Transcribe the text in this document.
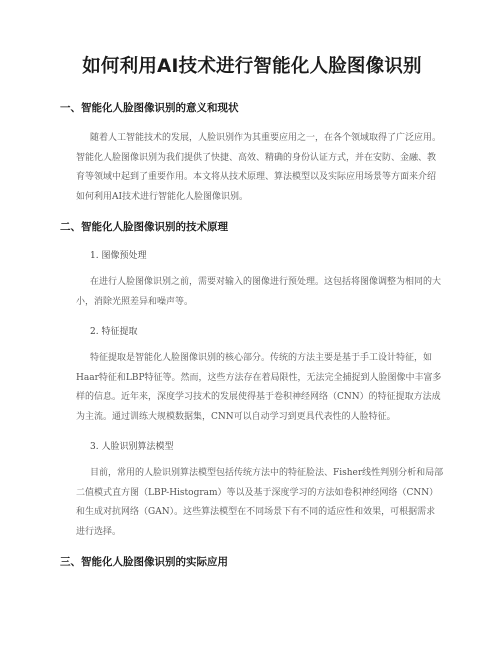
如何利用AI技术进行智能化人脸图像识别
一、智能化人脸图像识别的意义和现状

随着人工智能技术的发展，人脸识别作为其重要应用之一，在各个领域取得了广泛应用。智能化人脸图像识别为我们提供了快捷、高效、精确的身份认证方式，并在安防、金融、教育等领域中起到了重要作用。本文将从技术原理、算法模型以及实际应用场景等方面来介绍如何利用AI技术进行智能化人脸图像识别。

二、智能化人脸图像识别的技术原理
1. 图像预处理

在进行人脸图像识别之前，需要对输入的图像进行预处理。这包括将图像调整为相同的大小，消除光照差异和噪声等。

2. 特征提取

特征提取是智能化人脸图像识别的核心部分。传统的方法主要是基于手工设计特征，如Haar特征和LBP特征等。然而，这些方法存在着局限性，无法完全捕捉到人脸图像中丰富多样的信息。近年来，深度学习技术的发展使得基于卷积神经网络（CNN）的特征提取方法成为主流。通过训练大规模数据集，CNN可以自动学习到更具代表性的人脸特征。

3. 人脸识别算法模型

目前，常用的人脸识别算法模型包括传统方法中的特征脸法、Fisher线性判别分析和局部二值模式直方图（LBP-Histogram）等以及基于深度学习的方法如卷积神经网络（CNN）和生成对抗网络（GAN）。这些算法模型在不同场景下有不同的适应性和效果，可根据需求进行选择。

三、智能化人脸图像识别的实际应用
